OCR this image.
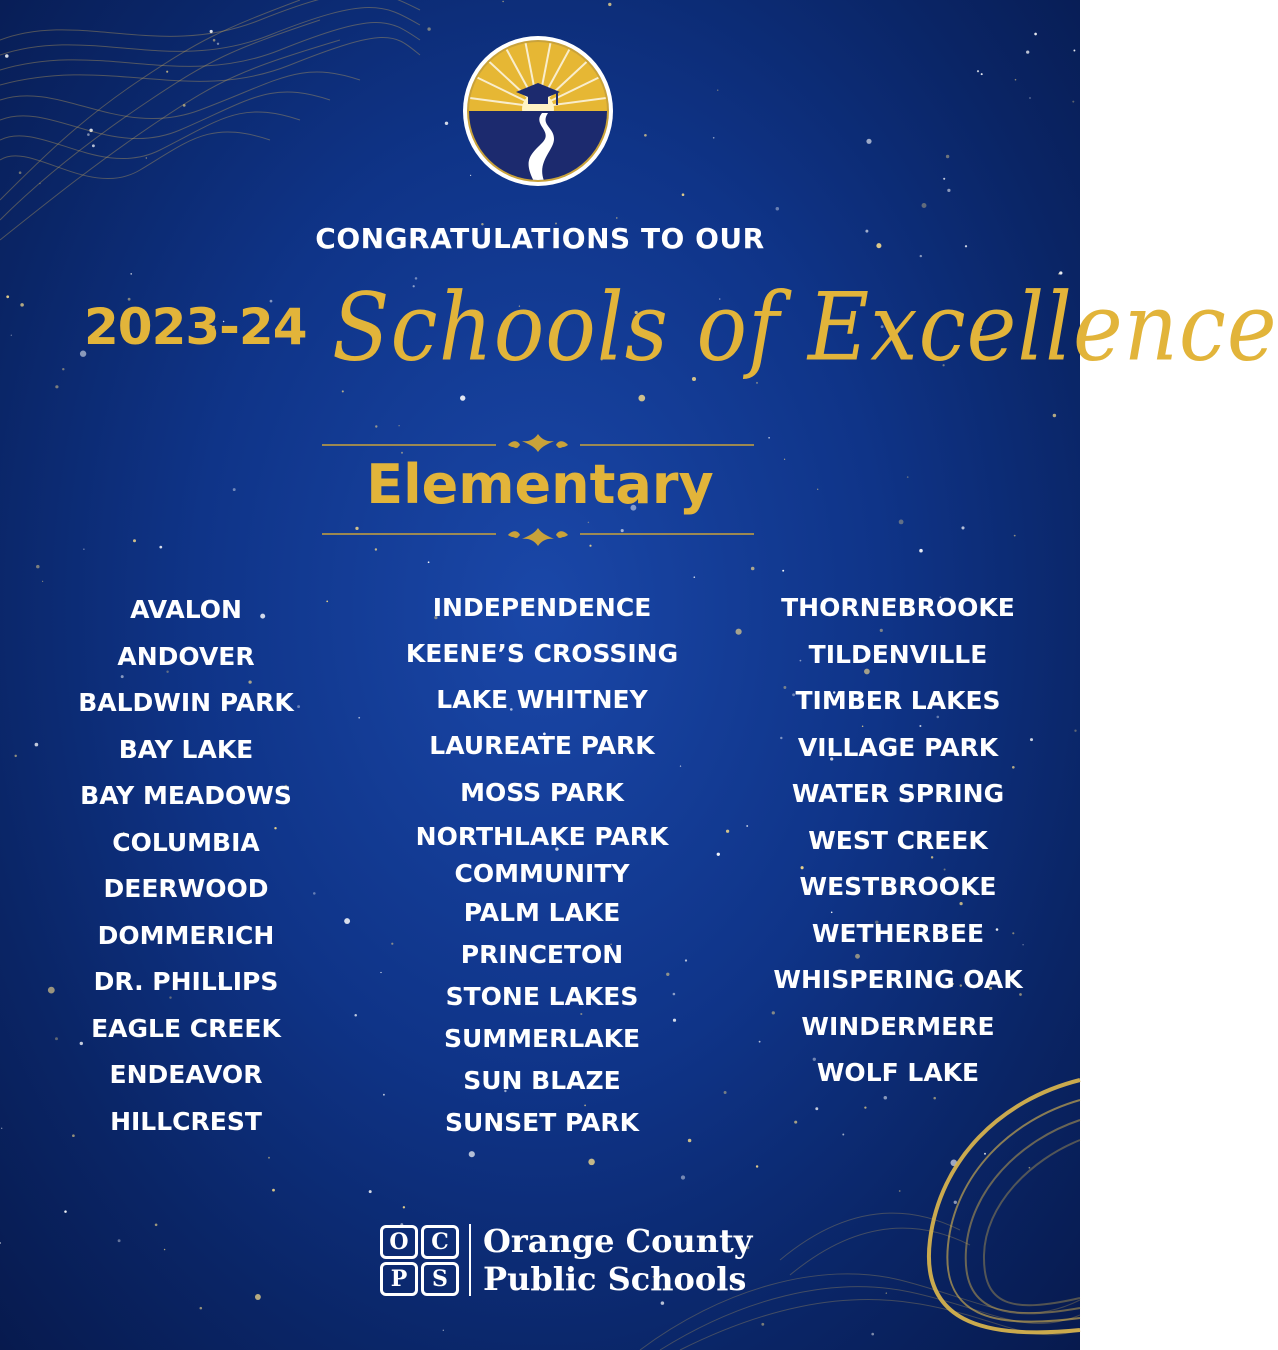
CONGRATULATIONS TO OUR
2023-24 Schools of Excellence
Elementary
AVALON
ANDOVER
BALDWIN PARK
BAY LAKE
BAY MEADOWS
COLUMBIA
DEERWOOD
DOMMERICH
DR. PHILLIPS
EAGLE CREEK
ENDEAVOR
HILLCREST
INDEPENDENCE
KEENE’S CROSSING
LAKE WHITNEY
LAUREATE PARK
MOSS PARK
NORTHLAKE PARK
COMMUNITY
PALM LAKE
PRINCETON
STONE LAKES
SUMMERLAKE
SUN BLAZE
SUNSET PARK
THORNEBROOKE
TILDENVILLE
TIMBER LAKES
VILLAGE PARK
WATER SPRING
WEST CREEK
WESTBROOKE
WETHERBEE
WHISPERING OAK
WINDERMERE
WOLF LAKE
O	C
P	S
Orange County
Public Schools
